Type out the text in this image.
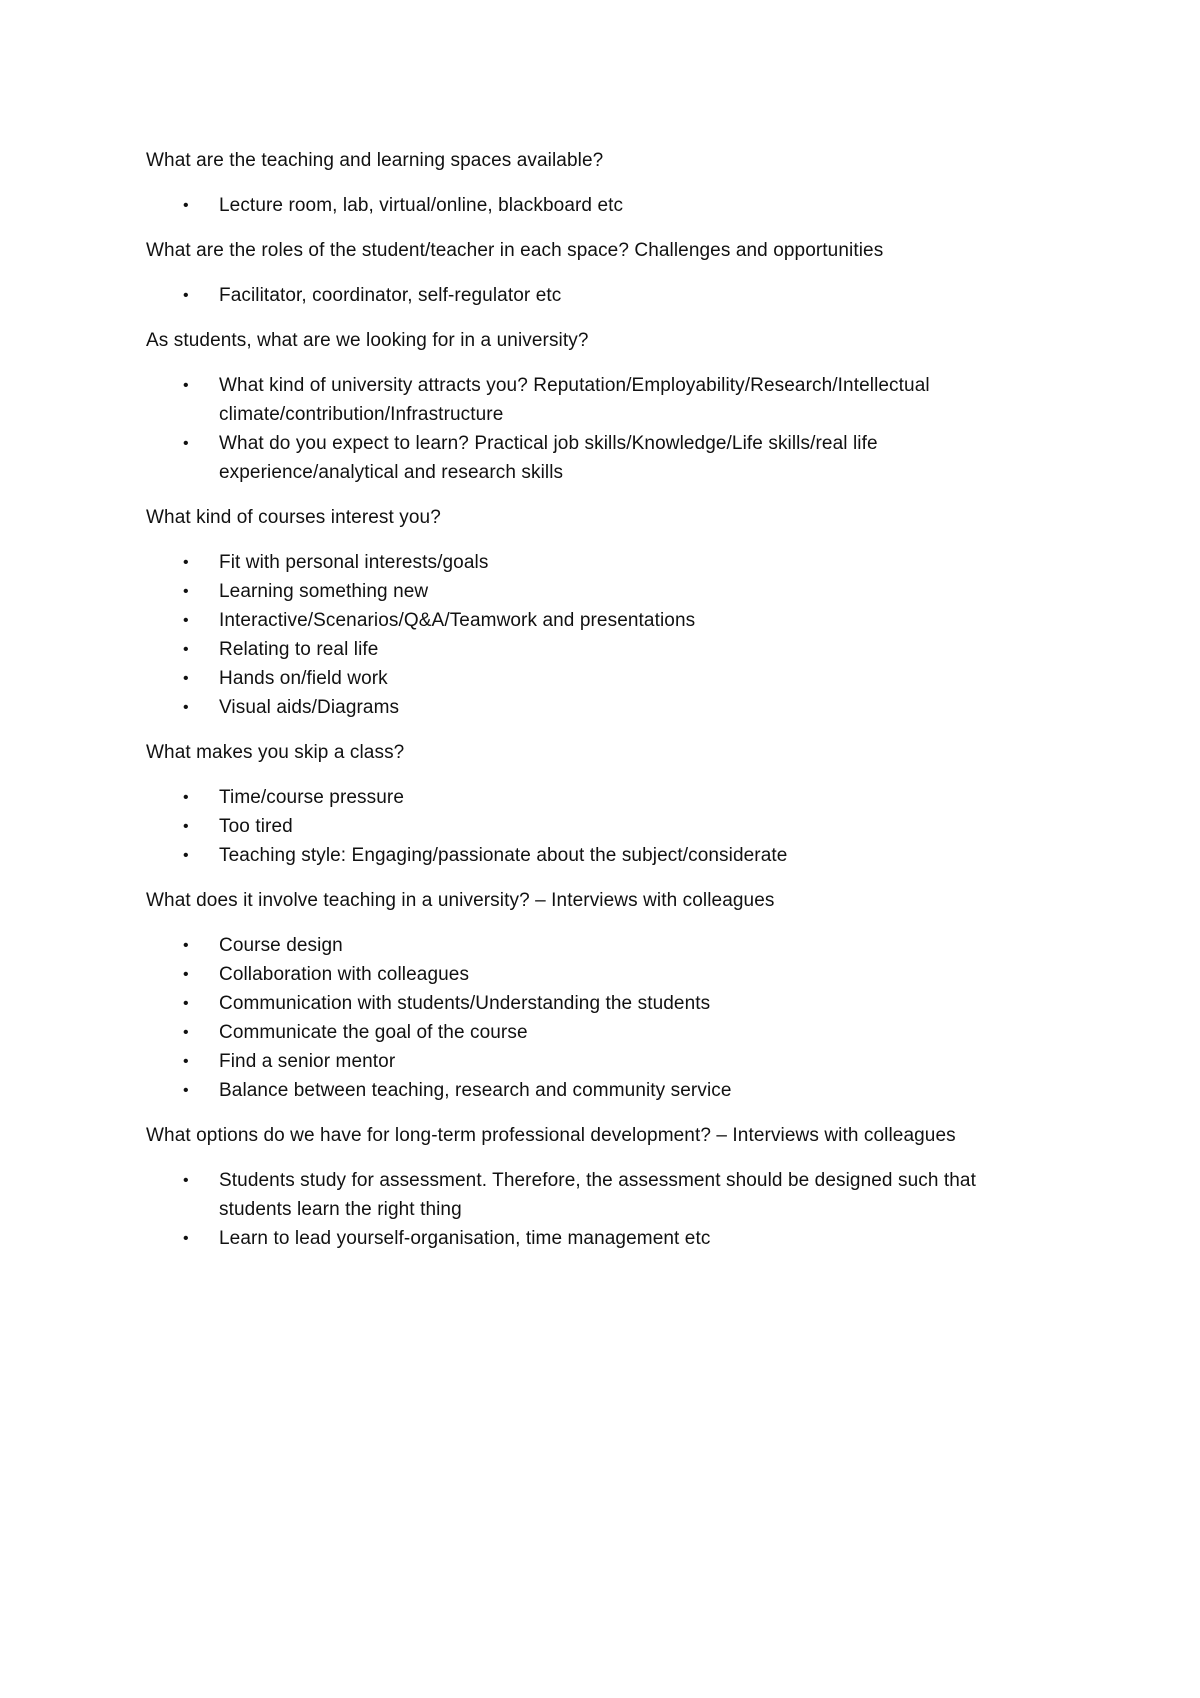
What are the teaching and learning spaces available?

• Lecture room, lab, virtual/online, blackboard etc

What are the roles of the student/teacher in each space? Challenges and opportunities

• Facilitator, coordinator, self-regulator etc

As students, what are we looking for in a university?

• What kind of university attracts you? Reputation/Employability/Research/Intellectual climate/contribution/Infrastructure
• What do you expect to learn? Practical job skills/Knowledge/Life skills/real life experience/analytical and research skills

What kind of courses interest you?

• Fit with personal interests/goals
• Learning something new
• Interactive/Scenarios/Q&A/Teamwork and presentations
• Relating to real life
• Hands on/field work
• Visual aids/Diagrams

What makes you skip a class?

• Time/course pressure
• Too tired
• Teaching style: Engaging/passionate about the subject/considerate

What does it involve teaching in a university? – Interviews with colleagues

• Course design
• Collaboration with colleagues
• Communication with students/Understanding the students
• Communicate the goal of the course
• Find a senior mentor
• Balance between teaching, research and community service

What options do we have for long-term professional development? – Interviews with colleagues

• Students study for assessment. Therefore, the assessment should be designed such that students learn the right thing
• Learn to lead yourself-organisation, time management etc
